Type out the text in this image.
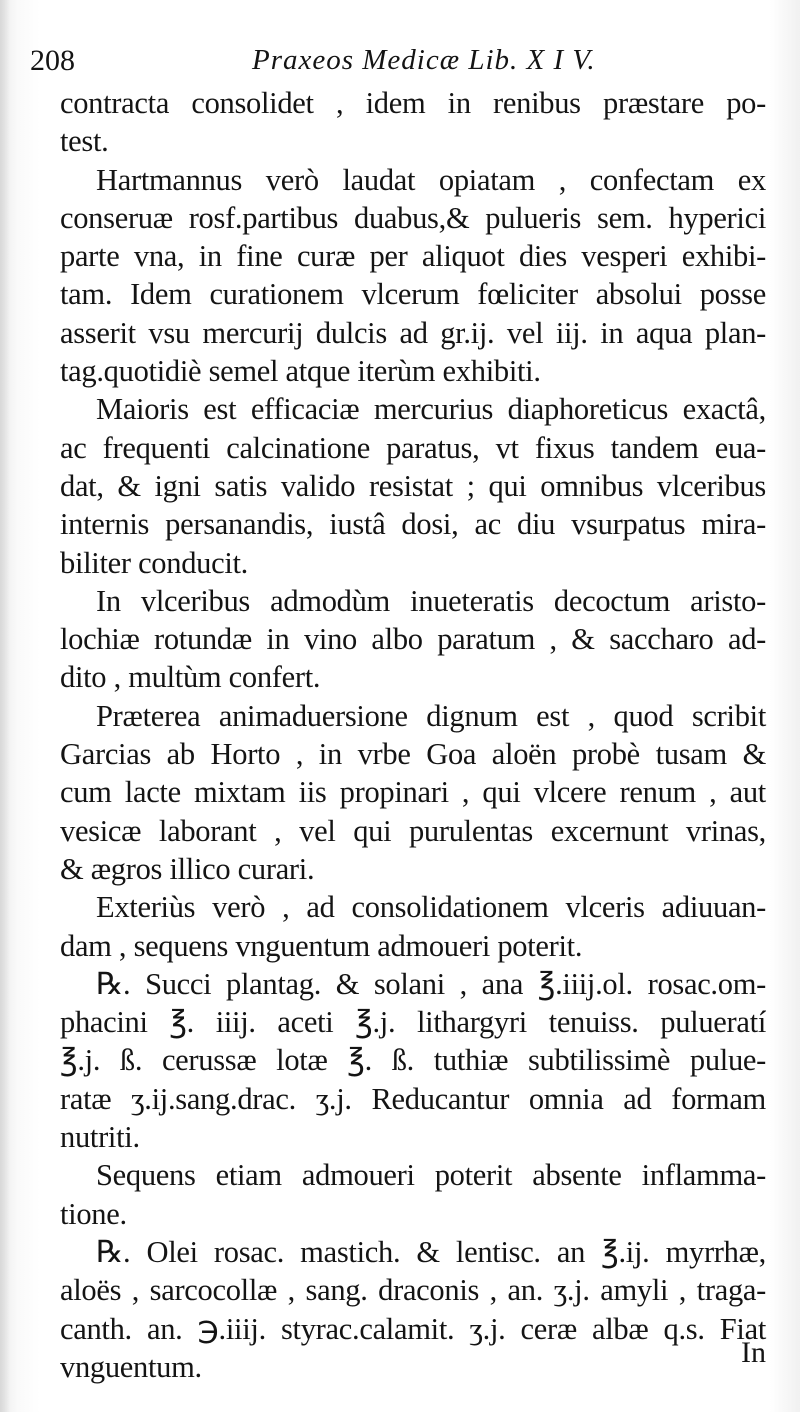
208	Praxeos Medicæ Lib. X I V.
contracta consolidet , idem in renibus præstare po-
test.
Hartmannus verò laudat opiatam , confectam ex
conseruæ rosf.partibus duabus,& pulueris sem. hyperici
parte vna, in fine curæ per aliquot dies vesperi exhibi-
tam. Idem curationem vlcerum fœliciter absolui posse
asserit vsu mercurij dulcis ad gr.ij. vel iij. in aqua plan-
tag.quotidiè semel atque iterùm exhibiti.
Maioris est efficaciæ mercurius diaphoreticus exactâ,
ac frequenti calcinatione paratus, vt fixus tandem eua-
dat, & igni satis valido resistat ; qui omnibus vlceribus
internis persanandis, iustâ dosi, ac diu vsurpatus mira-
biliter conducit.
In vlceribus admodùm inueteratis decoctum aristo-
lochiæ rotundæ in vino albo paratum , & saccharo ad-
dito , multùm confert.
Præterea animaduersione dignum est , quod scribit
Garcias ab Horto , in vrbe Goa aloën probè tusam &
cum lacte mixtam iis propinari , qui vlcere renum , aut
vesicæ laborant , vel qui purulentas excernunt vrinas,
& ægros illico curari.
Exteriùs verò , ad consolidationem vlceris adiuuan-
dam , sequens vnguentum admoueri poterit.
℞. Succi plantag. & solani , ana ℥.iiij.ol. rosac.om-
phacini ℥. iiij. aceti ℥.j. lithargyri tenuiss. pulueratí
℥.j. ß. cerussæ lotæ ℥. ß. tuthiæ subtilissimè pulue-
ratæ ʒ.ij.sang.drac. ʒ.j. Reducantur omnia ad formam
nutriti.
Sequens etiam admoueri poterit absente inflamma-
tione.
℞. Olei rosac. mastich. & lentisc. an ℥.ij. myrrhæ,
aloës , sarcocollæ , sang. draconis , an. ʒ.j. amyli , traga-
canth. an. ℈.iiij. styrac.calamit. ʒ.j. ceræ albæ q.s. Fiat
vnguentum.	In
